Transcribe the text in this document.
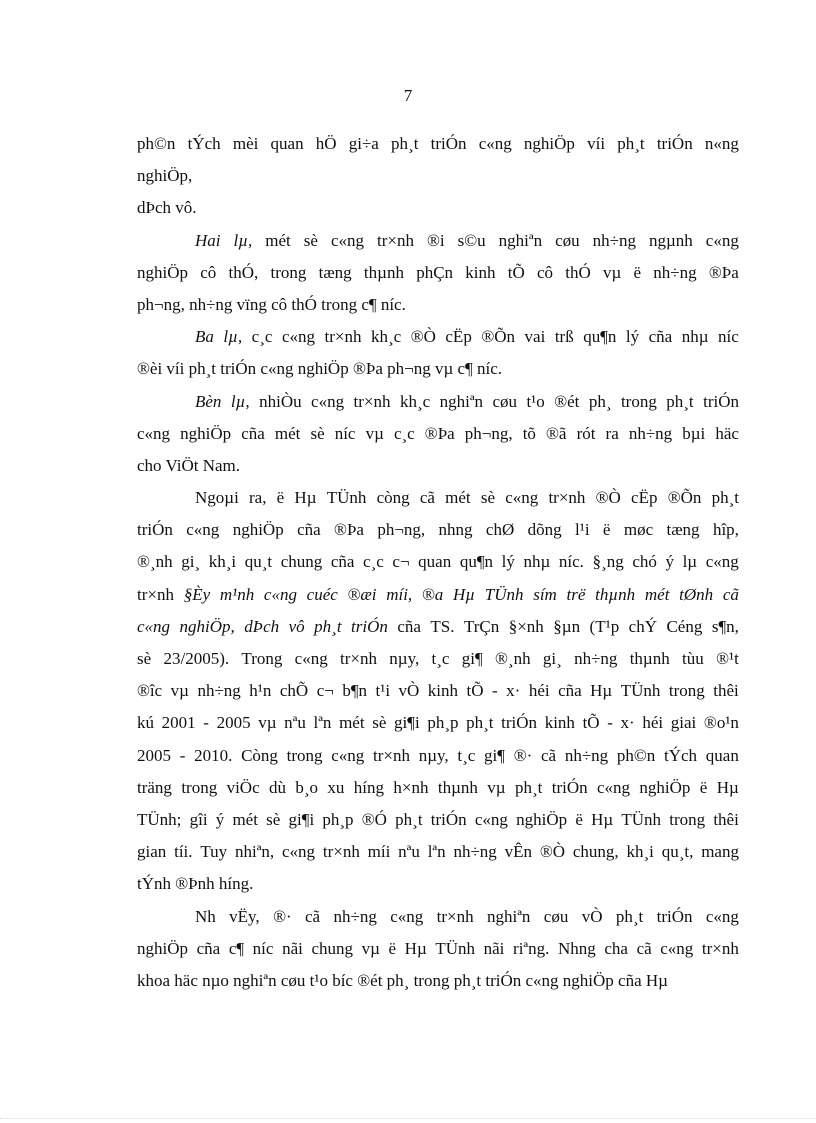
7
ph©n tÝch mèi quan hÖ gi÷a ph¸t triÓn c«ng nghiÖp víi ph¸t triÓn n«ng
nghiÖp,
dÞch vô.
Hai lµ, mét sè c«ng tr×nh ®i s©u nghiªn cøu nh÷ng ngµnh c«ng
nghiÖp cô thÓ, trong tæng thµnh phÇn kinh tÕ cô thÓ vµ ë nh÷ng ®Þa
ph¬ng, nh÷ng vïng cô thÓ trong c¶ níc.
Ba lµ, c¸c c«ng tr×nh kh¸c ®Ò cËp ®Õn vai trß qu¶n lý cña nhµ níc
®èi víi ph¸t triÓn c«ng nghiÖp ®Þa ph¬ng vµ c¶ níc.
Bèn lµ, nhiÒu c«ng tr×nh kh¸c nghiªn cøu t¹o ®ét ph¸ trong ph¸t triÓn
c«ng nghiÖp cña mét sè níc vµ c¸c ®Þa ph¬ng, tõ ®ã rót ra nh÷ng bµi häc
cho ViÖt Nam.
Ngoµi ra, ë Hµ TÜnh còng cã mét sè c«ng tr×nh ®Ò cËp ®Õn ph¸t
triÓn c«ng nghiÖp cña ®Þa ph¬ng, nhng chØ dõng l¹i ë møc tæng hîp,
®¸nh gi¸ kh¸i qu¸t chung cña c¸c c¬ quan qu¶n lý nhµ níc. §¸ng chó ý lµ c«ng
tr×nh §Èy m¹nh c«ng cuéc ®æi míi, ®a Hµ TÜnh sím trë thµnh mét tØnh cã
c«ng nghiÖp, dÞch vô ph¸t triÓn cña TS. TrÇn §×nh §µn (T¹p chÝ Céng s¶n,
sè 23/2005). Trong c«ng tr×nh nµy, t¸c gi¶ ®¸nh gi¸ nh÷ng thµnh tùu ®¹t
®îc vµ nh÷ng h¹n chÕ c¬ b¶n t¹i vÒ kinh tÕ - x· héi cña Hµ TÜnh trong thêi
kú 2001 - 2005 vµ nªu lªn mét sè gi¶i ph¸p ph¸t triÓn kinh tÕ - x· héi giai ®o¹n
2005 - 2010. Còng trong c«ng tr×nh nµy, t¸c gi¶ ®· cã nh÷ng ph©n tÝch quan
träng trong viÖc dù b¸o xu híng h×nh thµnh vµ ph¸t triÓn c«ng nghiÖp ë Hµ
TÜnh; gîi ý mét sè gi¶i ph¸p ®Ó ph¸t triÓn c«ng nghiÖp ë Hµ TÜnh trong thêi
gian tíi. Tuy nhiªn, c«ng tr×nh míi nªu lªn nh÷ng vÊn ®Ò chung, kh¸i qu¸t, mang
tÝnh ®Þnh híng.
Nh vËy, ®· cã nh÷ng c«ng tr×nh nghiªn cøu vÒ ph¸t triÓn c«ng
nghiÖp cña c¶ níc nãi chung vµ ë Hµ TÜnh nãi riªng. Nhng cha cã c«ng tr×nh
khoa häc nµo nghiªn cøu t¹o bíc ®ét ph¸ trong ph¸t triÓn c«ng nghiÖp cña Hµ
